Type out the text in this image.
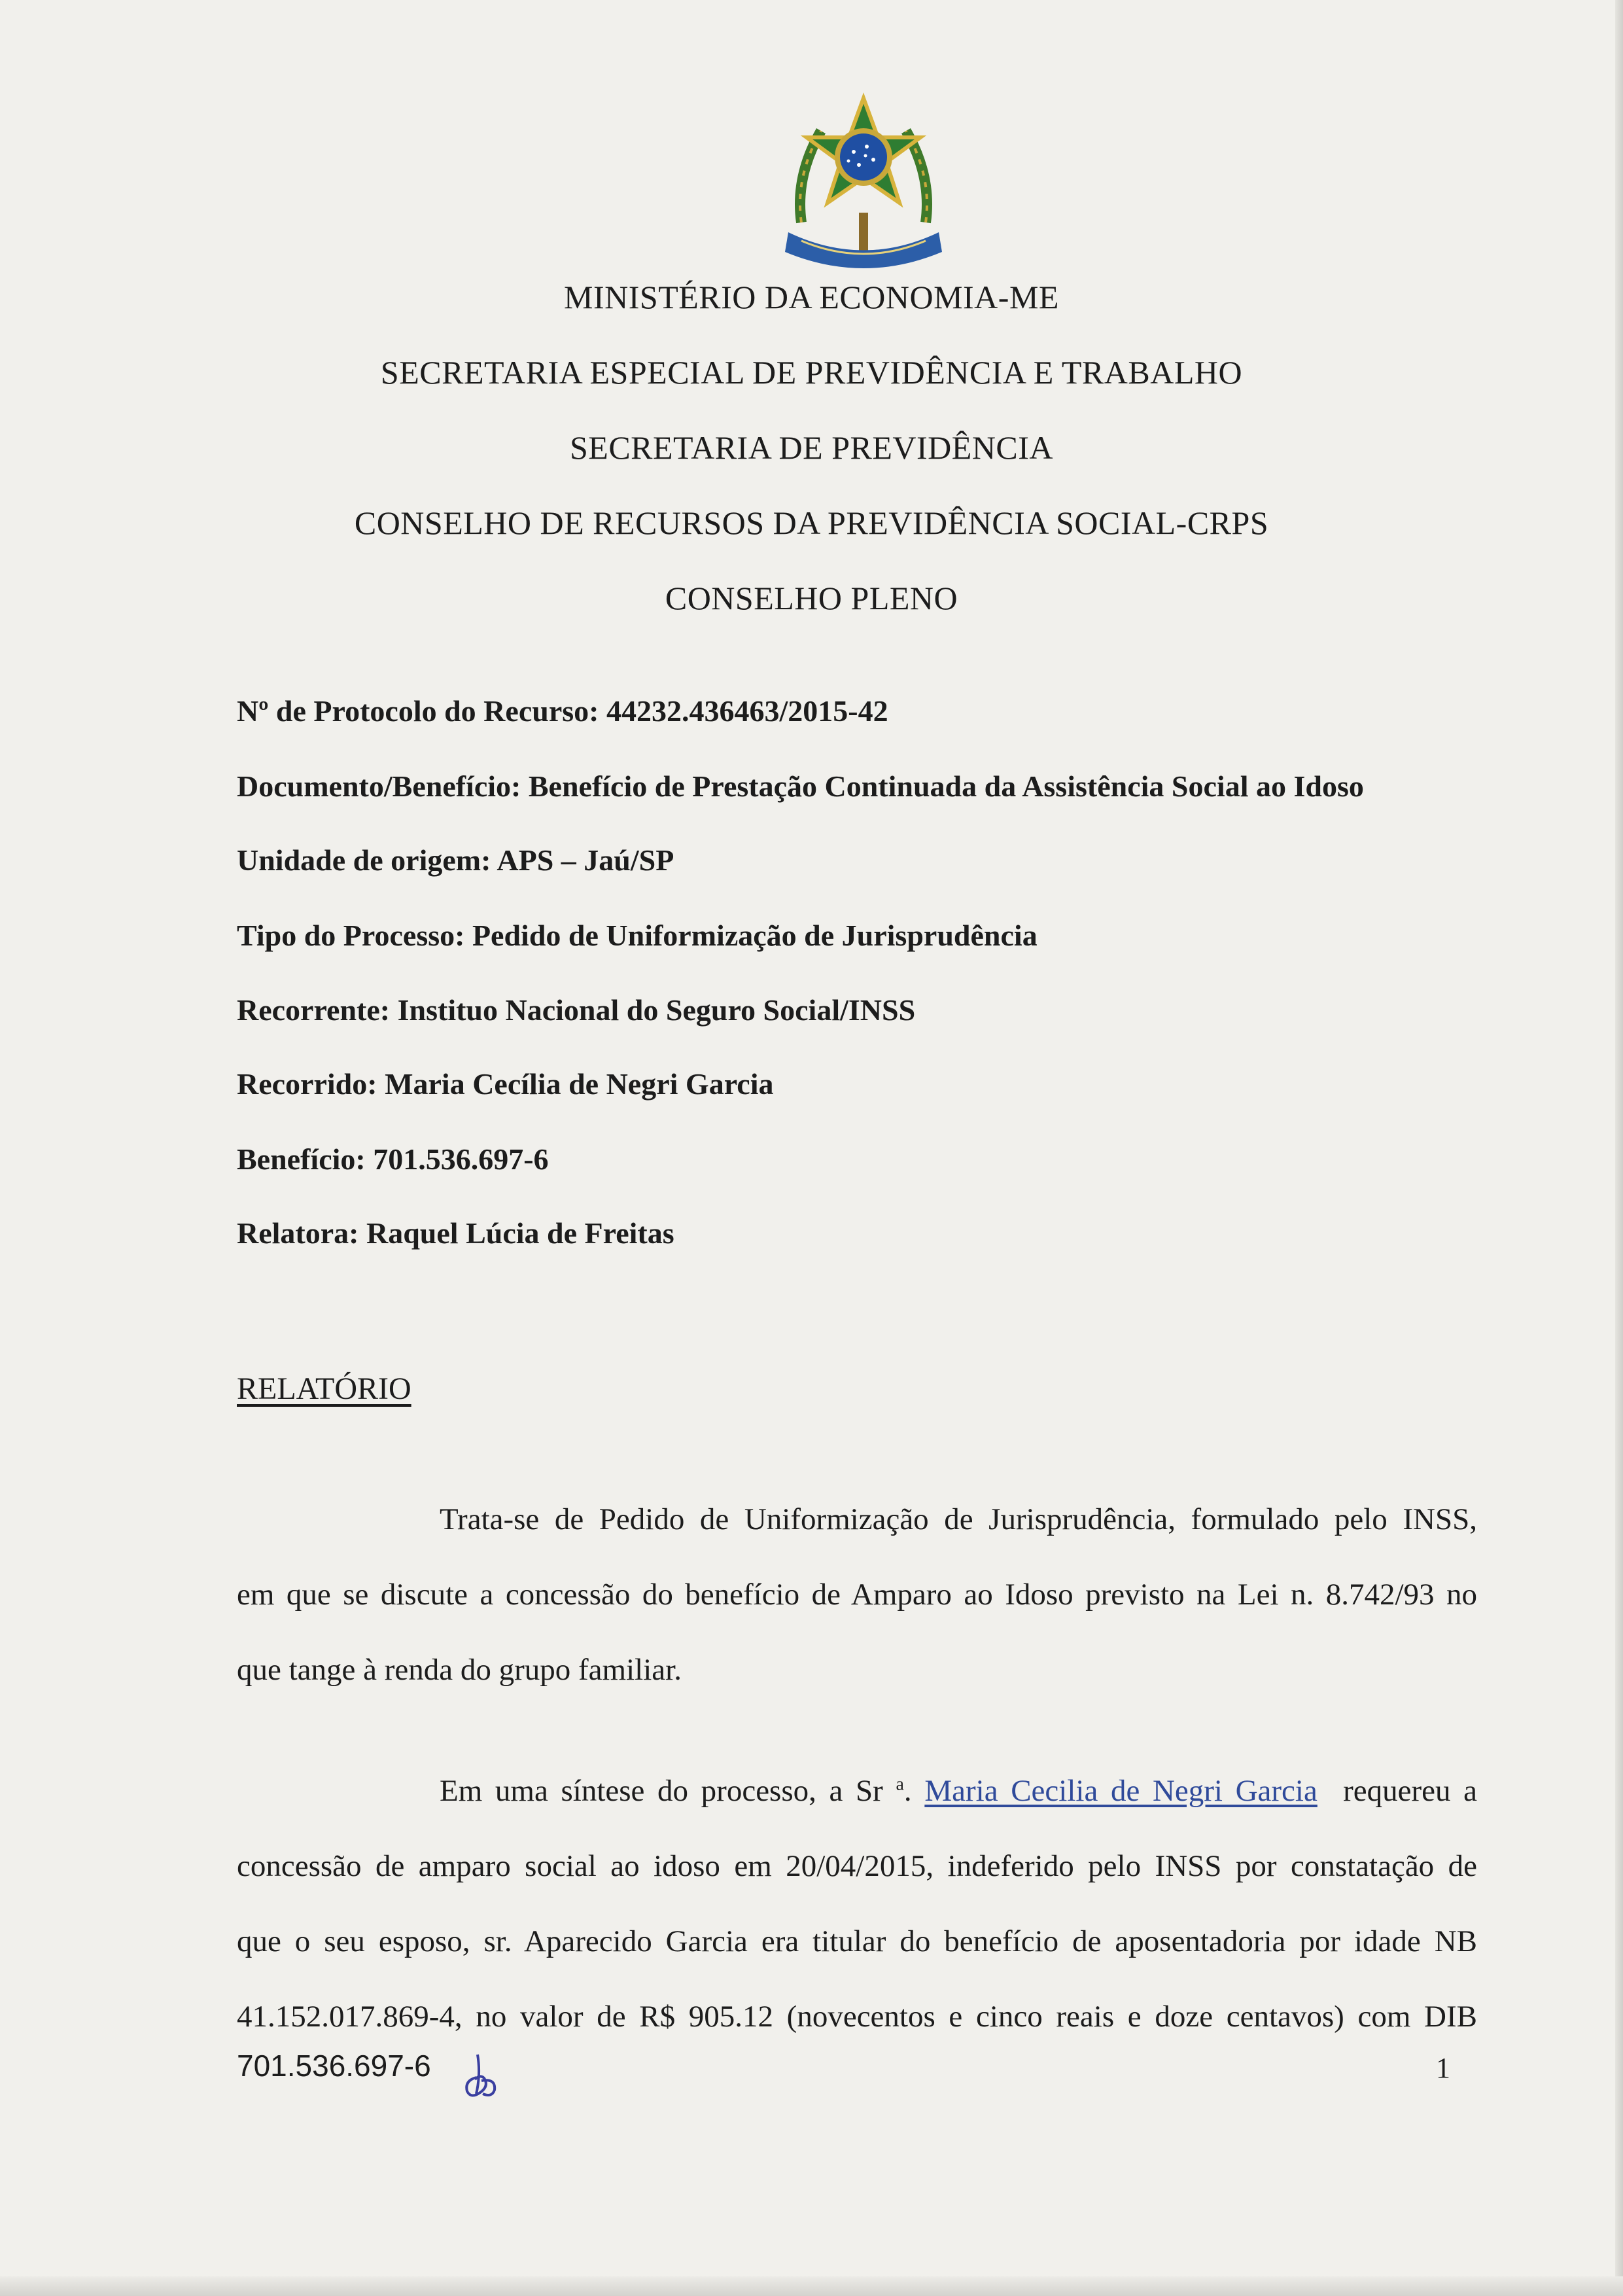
MINISTÉRIO DA ECONOMIA-ME
SECRETARIA ESPECIAL DE PREVIDÊNCIA E TRABALHO
SECRETARIA DE PREVIDÊNCIA
CONSELHO DE RECURSOS DA PREVIDÊNCIA SOCIAL-CRPS
CONSELHO PLENO
Nº de Protocolo do Recurso: 44232.436463/2015-42
Documento/Benefício: Benefício de Prestação Continuada da Assistência Social ao Idoso
Unidade de origem: APS – Jaú/SP
Tipo do Processo: Pedido de Uniformização de Jurisprudência
Recorrente: Instituo Nacional do Seguro Social/INSS
Recorrido: Maria Cecília de Negri Garcia
Benefício: 701.536.697-6
Relatora: Raquel Lúcia de Freitas
RELATÓRIO
Trata-se de Pedido de Uniformização de Jurisprudência, formulado pelo INSS,
em que se discute a concessão do benefício de Amparo ao Idoso previsto na Lei n. 8.742/93 no
que tange à renda do grupo familiar.
Em uma síntese do processo, a Sr $^a$. Maria Cecilia de Negri Garcia requereu a
concessão de amparo social ao idoso em 20/04/2015, indeferido pelo INSS por constatação de
que o seu esposo, sr. Aparecido Garcia era titular do benefício de aposentadoria por idade NB
41.152.017.869-4, no valor de R$ 905.12 (novecentos e cinco reais e doze centavos) com DIB
701.536.697-6	1
